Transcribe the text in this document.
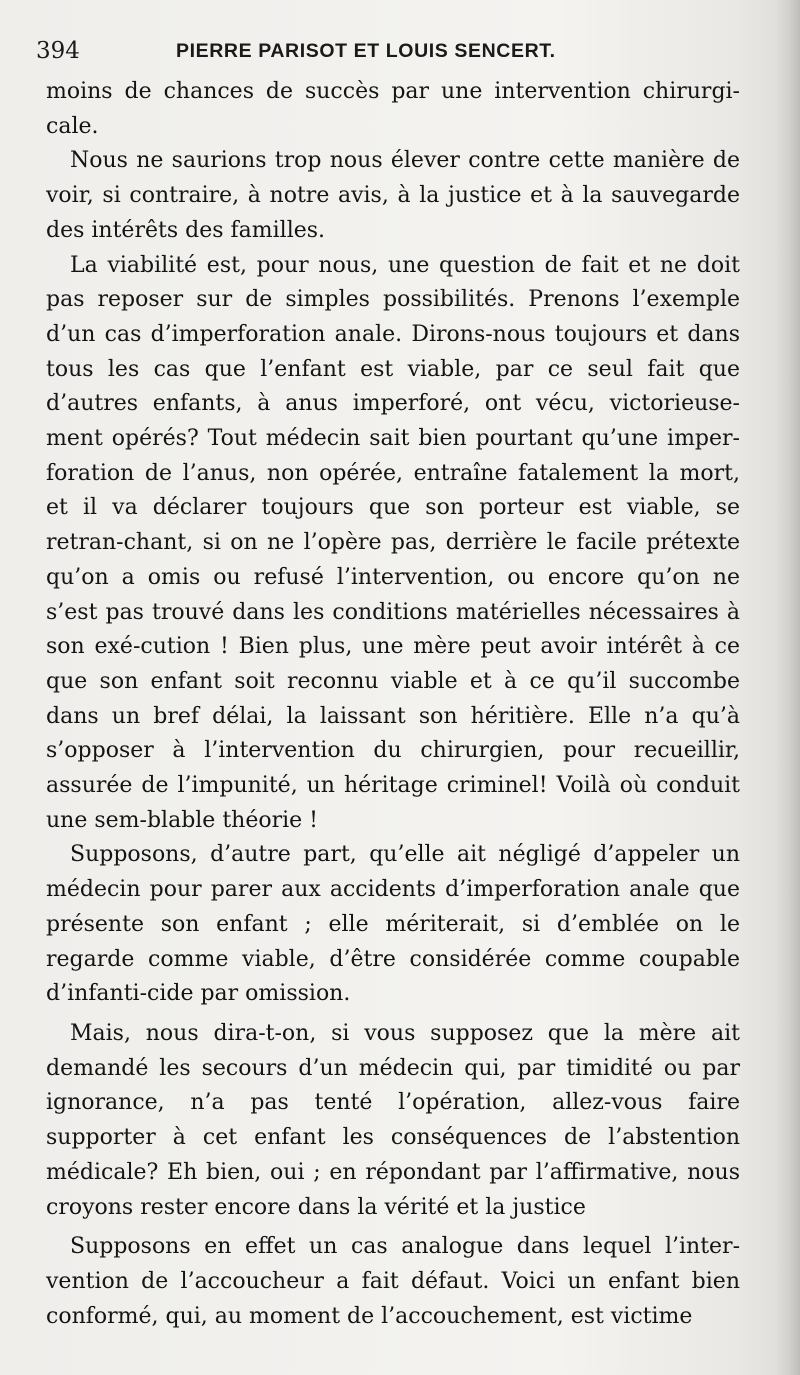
394	PIERRE PARISOT ET LOUIS SENCERT.

moins de chances de succès par une intervention chirurgi-cale.

Nous ne saurions trop nous élever contre cette manière de voir, si contraire, à notre avis, à la justice et à la sauvegarde des intérêts des familles.

La viabilité est, pour nous, une question de fait et ne doit pas reposer sur de simples possibilités. Prenons l’exemple d’un cas d’imperforation anale. Dirons-nous toujours et dans tous les cas que l’enfant est viable, par ce seul fait que d’autres enfants, à anus imperforé, ont vécu, victorieuse-ment opérés? Tout médecin sait bien pourtant qu’une imper-foration de l’anus, non opérée, entraîne fatalement la mort, et il va déclarer toujours que son porteur est viable, se retran-chant, si on ne l’opère pas, derrière le facile prétexte qu’on a omis ou refusé l’intervention, ou encore qu’on ne s’est pas trouvé dans les conditions matérielles nécessaires à son exé-cution ! Bien plus, une mère peut avoir intérêt à ce que son enfant soit reconnu viable et à ce qu’il succombe dans un bref délai, la laissant son héritière. Elle n’a qu’à s’opposer à l’intervention du chirurgien, pour recueillir, assurée de l’impunité, un héritage criminel! Voilà où conduit une sem-blable théorie !

Supposons, d’autre part, qu’elle ait négligé d’appeler un médecin pour parer aux accidents d’imperforation anale que présente son enfant ; elle mériterait, si d’emblée on le regarde comme viable, d’être considérée comme coupable d’infanti-cide par omission.

Mais, nous dira-t-on, si vous supposez que la mère ait demandé les secours d’un médecin qui, par timidité ou par ignorance, n’a pas tenté l’opération, allez-vous faire supporter à cet enfant les conséquences de l’abstention médicale? Eh bien, oui ; en répondant par l’affirmative, nous croyons rester encore dans la vérité et la justice

Supposons en effet un cas analogue dans lequel l’inter-vention de l’accoucheur a fait défaut. Voici un enfant bien conformé, qui, au moment de l’accouchement, est victime
